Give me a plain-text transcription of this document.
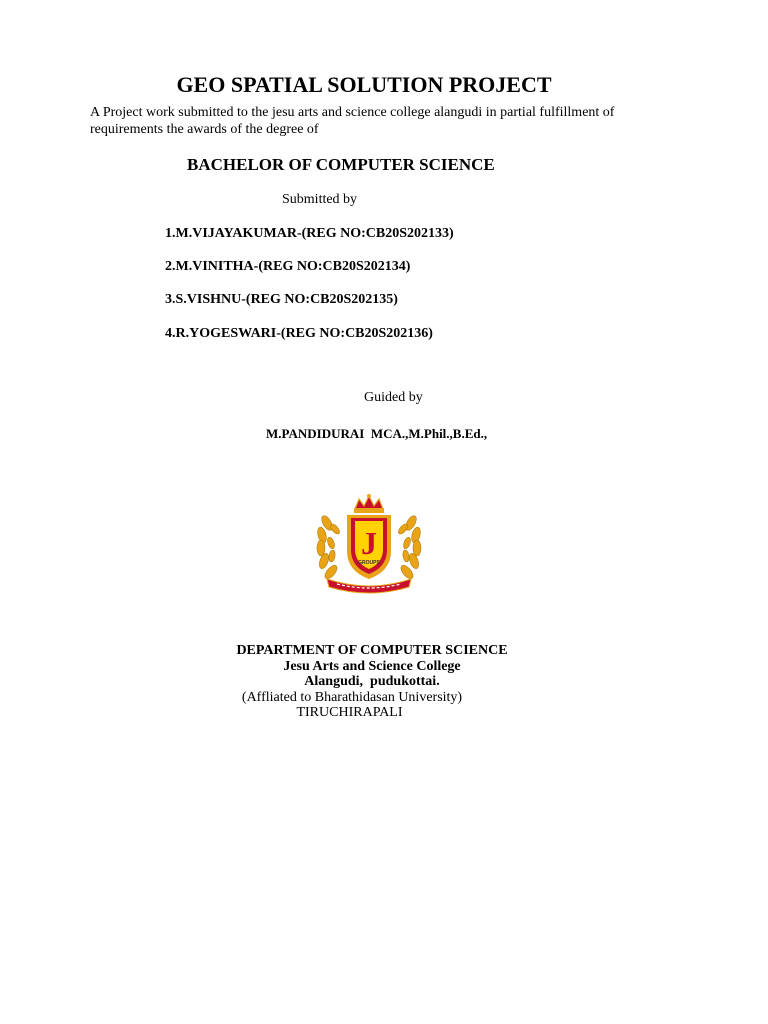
GEO SPATIAL SOLUTION PROJECT
A Project work submitted to the jesu arts and science college alangudi in partial fulfillment of requirements the awards of the degree of
BACHELOR OF COMPUTER SCIENCE
Submitted by
1.M.VIJAYAKUMAR-(REG NO:CB20S202133)
2.M.VINITHA-(REG NO:CB20S202134)
3.S.VISHNU-(REG NO:CB20S202135)
4.R.YOGESWARI-(REG NO:CB20S202136)
Guided by
M.PANDIDURAI  MCA.,M.Phil.,B.Ed.,
J
GROUPS
DEPARTMENT OF COMPUTER SCIENCE
Jesu Arts and Science College
Alangudi,  pudukottai.
(Affliated to Bharathidasan University)
TIRUCHIRAPALI
